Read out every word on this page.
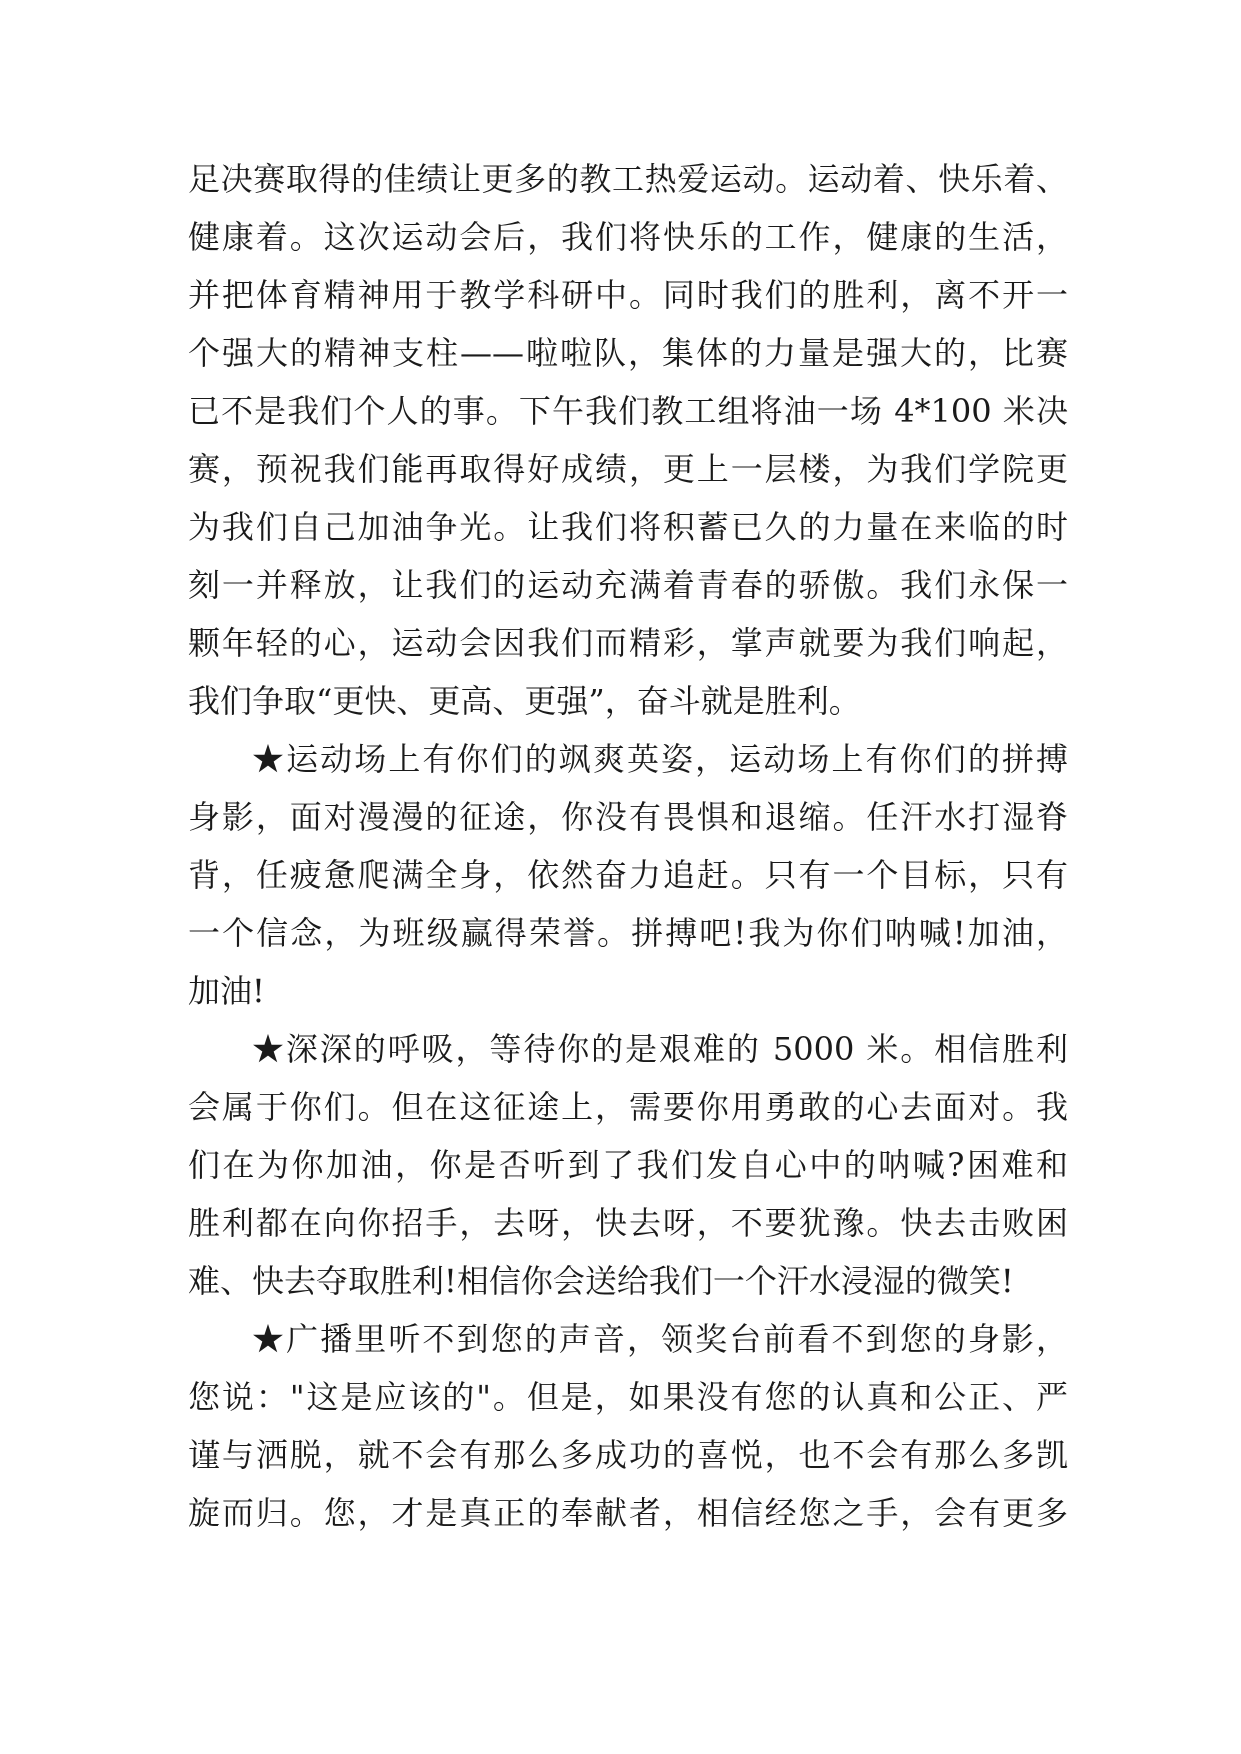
足决赛取得的佳绩让更多的教工热爱运动。运动着、快乐着、
健康着。这次运动会后，我们将快乐的工作，健康的生活，
并把体育精神用于教学科研中。同时我们的胜利，离不开一
个强大的精神支柱——啦啦队，集体的力量是强大的，比赛
已不是我们个人的事。下午我们教工组将油一场 4*100 米决
赛，预祝我们能再取得好成绩，更上一层楼，为我们学院更
为我们自己加油争光。让我们将积蓄已久的力量在来临的时
刻一并释放，让我们的运动充满着青春的骄傲。我们永保一
颗年轻的心，运动会因我们而精彩，掌声就要为我们响起，
我们争取“更快、更高、更强”，奋斗就是胜利。
★运动场上有你们的飒爽英姿，运动场上有你们的拼搏
身影，面对漫漫的征途，你没有畏惧和退缩。任汗水打湿脊
背，任疲惫爬满全身，依然奋力追赶。只有一个目标，只有
一个信念，为班级赢得荣誉。拼搏吧!我为你们呐喊!加油，
加油!
★深深的呼吸，等待你的是艰难的 5000 米。相信胜利
会属于你们。但在这征途上，需要你用勇敢的心去面对。我
们在为你加油，你是否听到了我们发自心中的呐喊?困难和
胜利都在向你招手，去呀，快去呀，不要犹豫。快去击败困
难、快去夺取胜利!相信你会送给我们一个汗水浸湿的微笑!
★广播里听不到您的声音，领奖台前看不到您的身影，
您说："这是应该的"。但是，如果没有您的认真和公正、严
谨与洒脱，就不会有那么多成功的喜悦，也不会有那么多凯
旋而归。您，才是真正的奉献者，相信经您之手，会有更多
